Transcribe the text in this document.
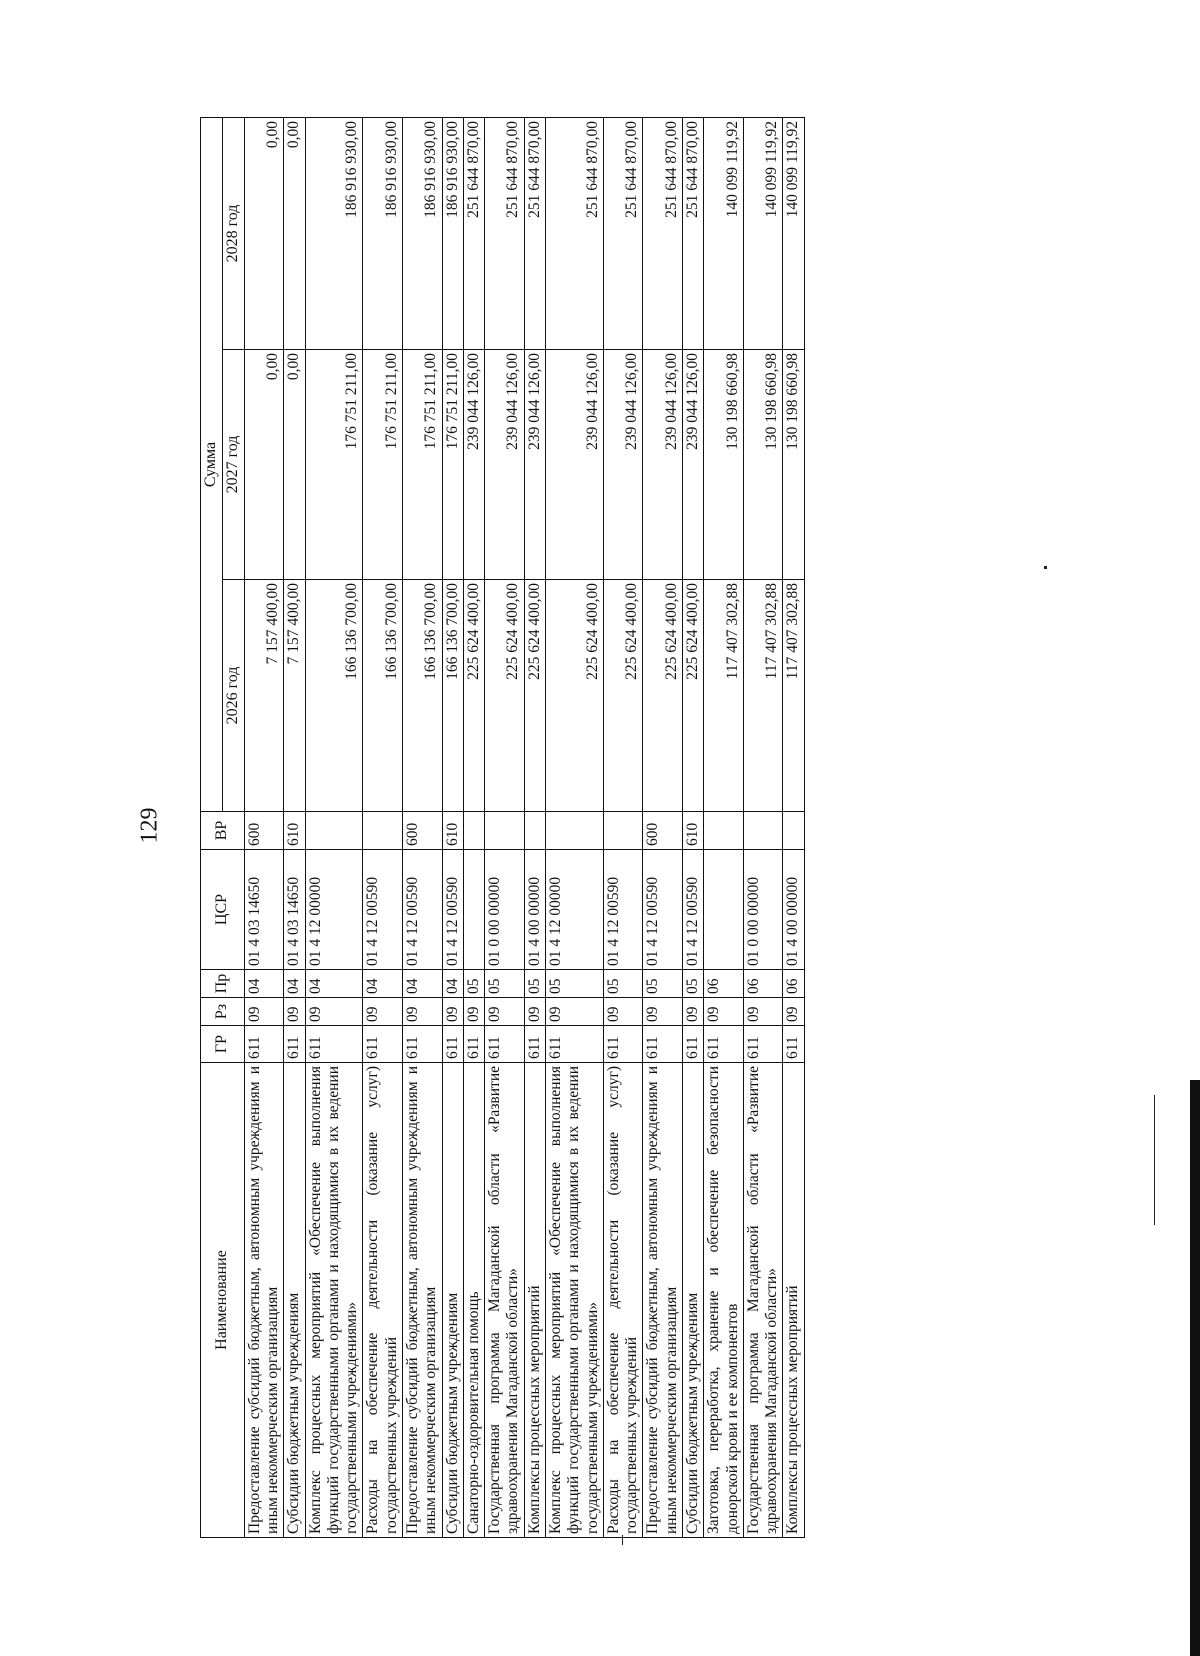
129
Наименование	ГР	Рз	Пр	ЦСР	ВР	Сумма		
						2026 год	2027 год	2028 год
Предоставление субсидий бюджетным, автономным учреждениям и иным некоммерческим организациям	611	09	04	01 4 03 14650	600	7 157 400,00	0,00	0,00
Субсидии бюджетным учреждениям	611	09	04	01 4 03 14650	610	7 157 400,00	0,00	0,00
Комплекс процессных мероприятий «Обеспечение выполнения функций государственными органами и находящимися в их ведении государственными учреждениями»	611	09	04	01 4 12 00000		166 136 700,00	176 751 211,00	186 916 930,00
Расходы на обеспечение деятельности (оказание услуг) государственных учреждений	611	09	04	01 4 12 00590		166 136 700,00	176 751 211,00	186 916 930,00
Предоставление субсидий бюджетным, автономным учреждениям и иным некоммерческим организациям	611	09	04	01 4 12 00590	600	166 136 700,00	176 751 211,00	186 916 930,00
Субсидии бюджетным учреждениям	611	09	04	01 4 12 00590	610	166 136 700,00	176 751 211,00	186 916 930,00
Санаторно-оздоровительная помощь	611	09	05			225 624 400,00	239 044 126,00	251 644 870,00
Государственная программа Магаданской области «Развитие здравоохранения Магаданской области»	611	09	05	01 0 00 00000		225 624 400,00	239 044 126,00	251 644 870,00
Комплексы процессных мероприятий	611	09	05	01 4 00 00000		225 624 400,00	239 044 126,00	251 644 870,00
Комплекс процессных мероприятий «Обеспечение выполнения функций государственными органами и находящимися в их ведении государственными учреждениями»	611	09	05	01 4 12 00000		225 624 400,00	239 044 126,00	251 644 870,00
Расходы на обеспечение деятельности (оказание услуг) государственных учреждений	611	09	05	01 4 12 00590		225 624 400,00	239 044 126,00	251 644 870,00
Предоставление субсидий бюджетным, автономным учреждениям и иным некоммерческим организациям	611	09	05	01 4 12 00590	600	225 624 400,00	239 044 126,00	251 644 870,00
Субсидии бюджетным учреждениям	611	09	05	01 4 12 00590	610	225 624 400,00	239 044 126,00	251 644 870,00
Заготовка, переработка, хранение и обеспечение безопасности донорской крови и ее компонентов	611	09	06			117 407 302,88	130 198 660,98	140 099 119,92
Государственная программа Магаданской области «Развитие здравоохранения Магаданской области»	611	09	06	01 0 00 00000		117 407 302,88	130 198 660,98	140 099 119,92
Комплексы процессных мероприятий	611	09	06	01 4 00 00000		117 407 302,88	130 198 660,98	140 099 119,92
